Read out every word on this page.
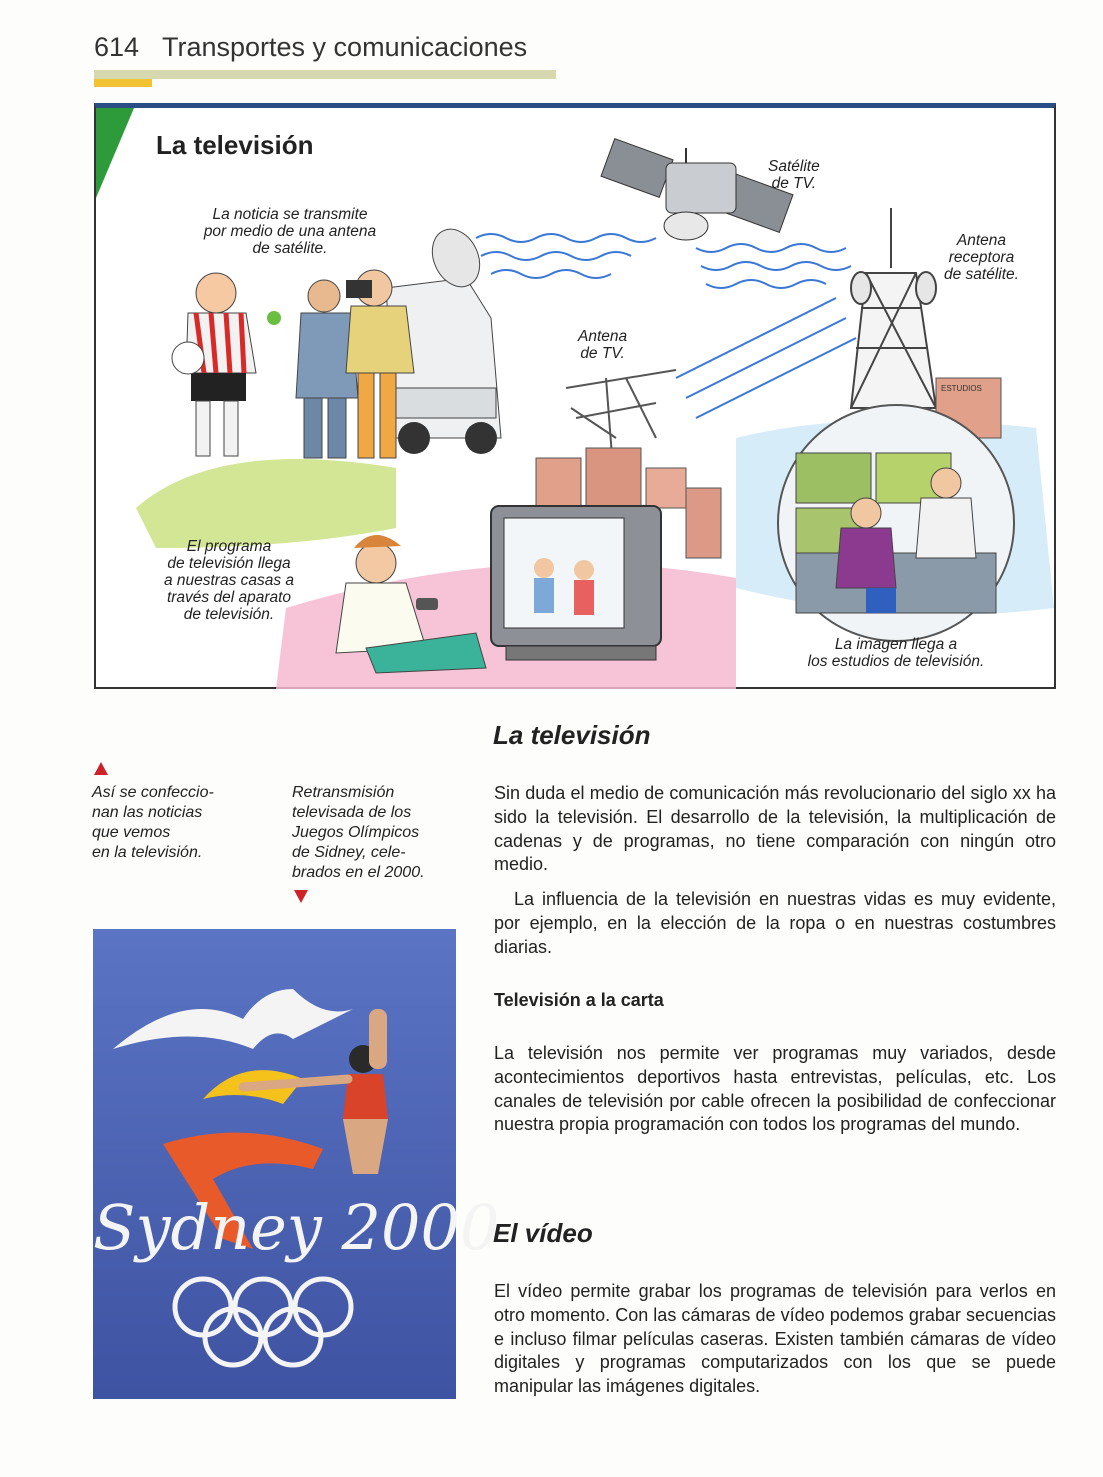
614 Transportes y comunicaciones
ESTUDIOS
La televisión
Satélite
de TV.
La noticia se transmite
por medio de una antena
de satélite.
Antena
de TV.
Antena
receptora
de satélite.
El programa
de televisión llega
a nuestras casas a
través del aparato
de televisión.
La imagen llega a
los estudios de televisión.
Así se confeccio-
nan las noticias
que vemos
en la televisión.
Retransmisión
televisada de los
Juegos Olímpicos
de Sidney, cele-
brados en el 2000.
Sydney 2000
La televisión
Sin duda el medio de comunicación más revolucionario del siglo xx ha sido la televisión. El desarrollo de la televisión, la multiplicación de cadenas y de programas, no tiene comparación con ningún otro medio.
La influencia de la televisión en nuestras vidas es muy evidente, por ejemplo, en la elección de la ropa o en nuestras costumbres diarias.
Televisión a la carta
La televisión nos permite ver programas muy variados, desde acontecimientos deportivos hasta entrevistas, películas, etc. Los canales de televisión por cable ofrecen la posibilidad de confeccionar nuestra propia programación con todos los programas del mundo.
El vídeo
El vídeo permite grabar los programas de televisión para verlos en otro momento. Con las cámaras de vídeo podemos grabar secuencias e incluso filmar películas caseras. Existen también cámaras de vídeo digitales y programas computarizados con los que se puede manipular las imágenes digitales.
